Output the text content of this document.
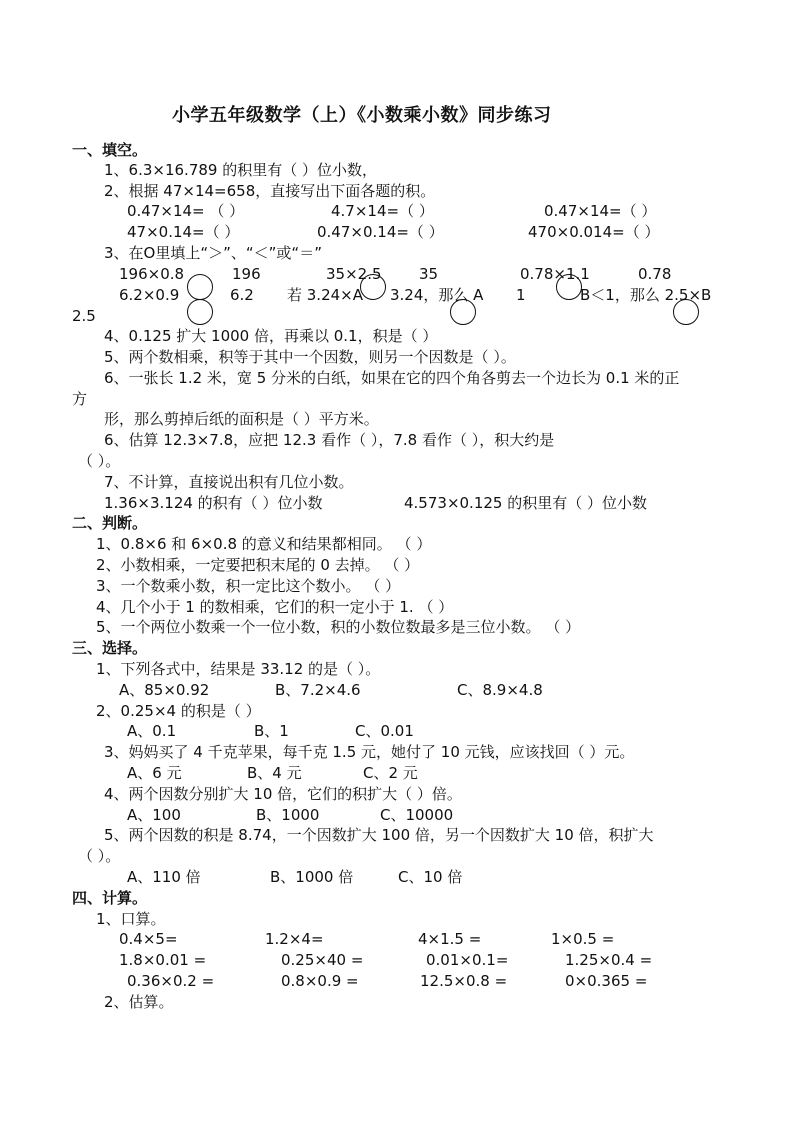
小学五年级数学（上）《小数乘小数》同步练习
一、填空。
1、6.3×16.789 的积里有（ ）位小数，
2、根据 47×14=658，直接写出下面各题的积。
0.47×14= （ ）	4.7×14=（ ）	0.47×14=（ ）
47×0.14=（ ）	0.47×0.14=（ ）	470×0.014=（ ）
3、在O里填上“＞”、“＜”或“＝”
196×0.8	196	35×2.5 35	0.78×1.1	0.78
6.2×0.9	6.2 若 3.24×A 3.24，那么 A 1	B＜1，那么 2.5×B
2.5
4、0.125 扩大 1000 倍，再乘以 0.1，积是（ ）
5、两个数相乘，积等于其中一个因数，则另一个因数是（ ）。
6、一张长 1.2 米，宽 5 分米的白纸，如果在它的四个角各剪去一个边长为 0.1 米的正
方
形，那么剪掉后纸的面积是（ ）平方米。
6、估算 12.3×7.8，应把 12.3 看作（ ），7.8 看作（ ），积大约是
（ ）。
7、不计算，直接说出积有几位小数。
1.36×3.124 的积有（ ）位小数	4.573×0.125 的积里有（ ）位小数
二、判断。
1、0.8×6 和 6×0.8 的意义和结果都相同。 （ ）
2、小数相乘，一定要把积末尾的 0 去掉。 （ ）
3、一个数乘小数，积一定比这个数小。 （ ）
4、几个小于 1 的数相乘，它们的积一定小于 1. （ ）
5、一个两位小数乘一个一位小数，积的小数位数最多是三位小数。 （ ）
三、选择。
1、下列各式中，结果是 33.12 的是（ ）。
A、85×0.92	B、7.2×4.6	C、8.9×4.8
2、0.25×4 的积是（ ）
A、0.1	B、1	C、0.01
3、妈妈买了 4 千克苹果，每千克 1.5 元，她付了 10 元钱，应该找回（ ）元。
A、6 元	B、4 元	C、2 元
4、两个因数分别扩大 10 倍，它们的积扩大（ ）倍。
A、100	B、1000	C、10000
5、两个因数的积是 8.74，一个因数扩大 100 倍，另一个因数扩大 10 倍，积扩大
（ ）。
A、110 倍	B、1000 倍	C、10 倍
四、计算。
1、口算。
0.4×5=	1.2×4=	4×1.5 =	1×0.5 =
1.8×0.01 =	0.25×40 =	0.01×0.1=	1.25×0.4 =
0.36×0.2 =	0.8×0.9 =	12.5×0.8 =	0×0.365 =
2、估算。
